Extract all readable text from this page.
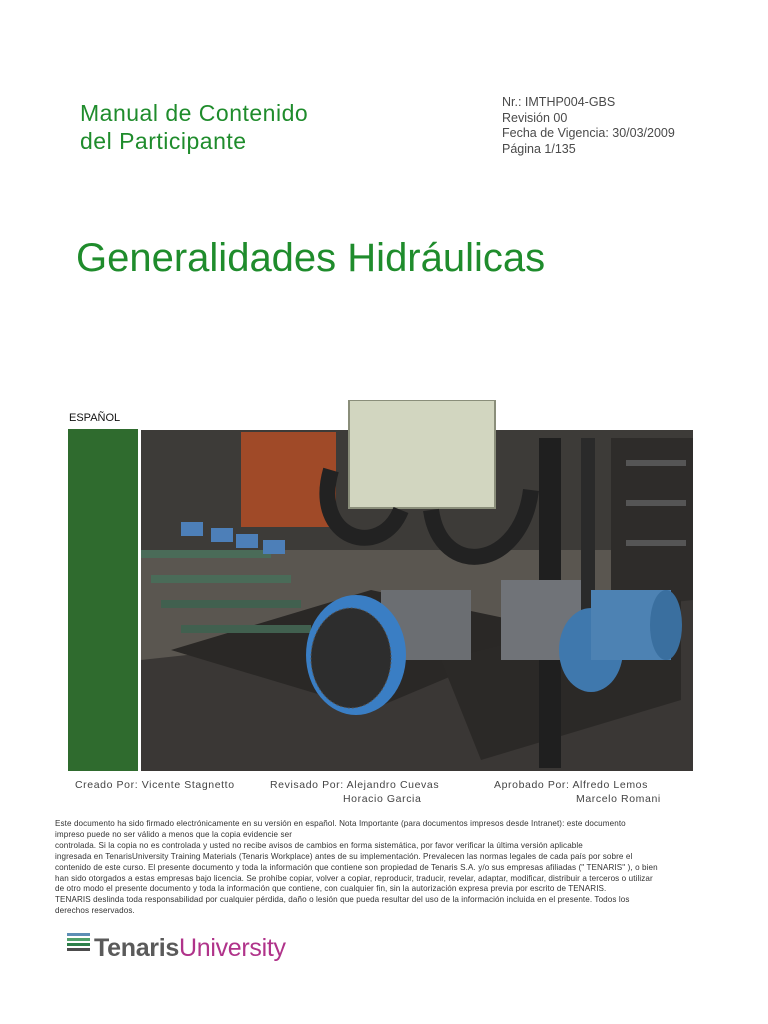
Manual de Contenido
del Participante
Nr.: IMTHP004-GBS
Revisión 00
Fecha de Vigencia: 30/03/2009
Página 1/135
Generalidades Hidráulicas
ESPAÑOL
Creado Por: Vicente Stagnetto	Revisado Por: Alejandro Cuevas
Horacio Garcia
Aprobado Por: Alfredo Lemos
Marcelo Romani
Este documento ha sido firmado electrónicamente en su versión en español. Nota Importante (para documentos impresos desde Intranet): este documento
impreso puede no ser válido a menos que la copia evidencie ser
controlada. Si la copia no es controlada y usted no recibe avisos de cambios en forma sistemática, por favor verificar la última versión aplicable
ingresada en TenarisUniversity Training Materials (Tenaris Workplace) antes de su implementación. Prevalecen las normas legales de cada país por sobre el
contenido de este curso. El presente documento y toda la información que contiene son propiedad de Tenaris S.A. y/o sus empresas afiliadas (" TENARIS" ), o bien
han sido otorgados a estas empresas bajo licencia. Se prohíbe copiar, volver a copiar, reproducir, traducir, revelar, adaptar, modificar, distribuir a terceros o utilizar
de otro modo el presente documento y toda la información que contiene, con cualquier fin, sin la autorización expresa previa por escrito de TENARIS.
TENARIS deslinda toda responsabilidad por cualquier pérdida, daño o lesión que pueda resultar del uso de la información incluida en el presente. Todos los
derechos reservados.
TenarisUniversity
